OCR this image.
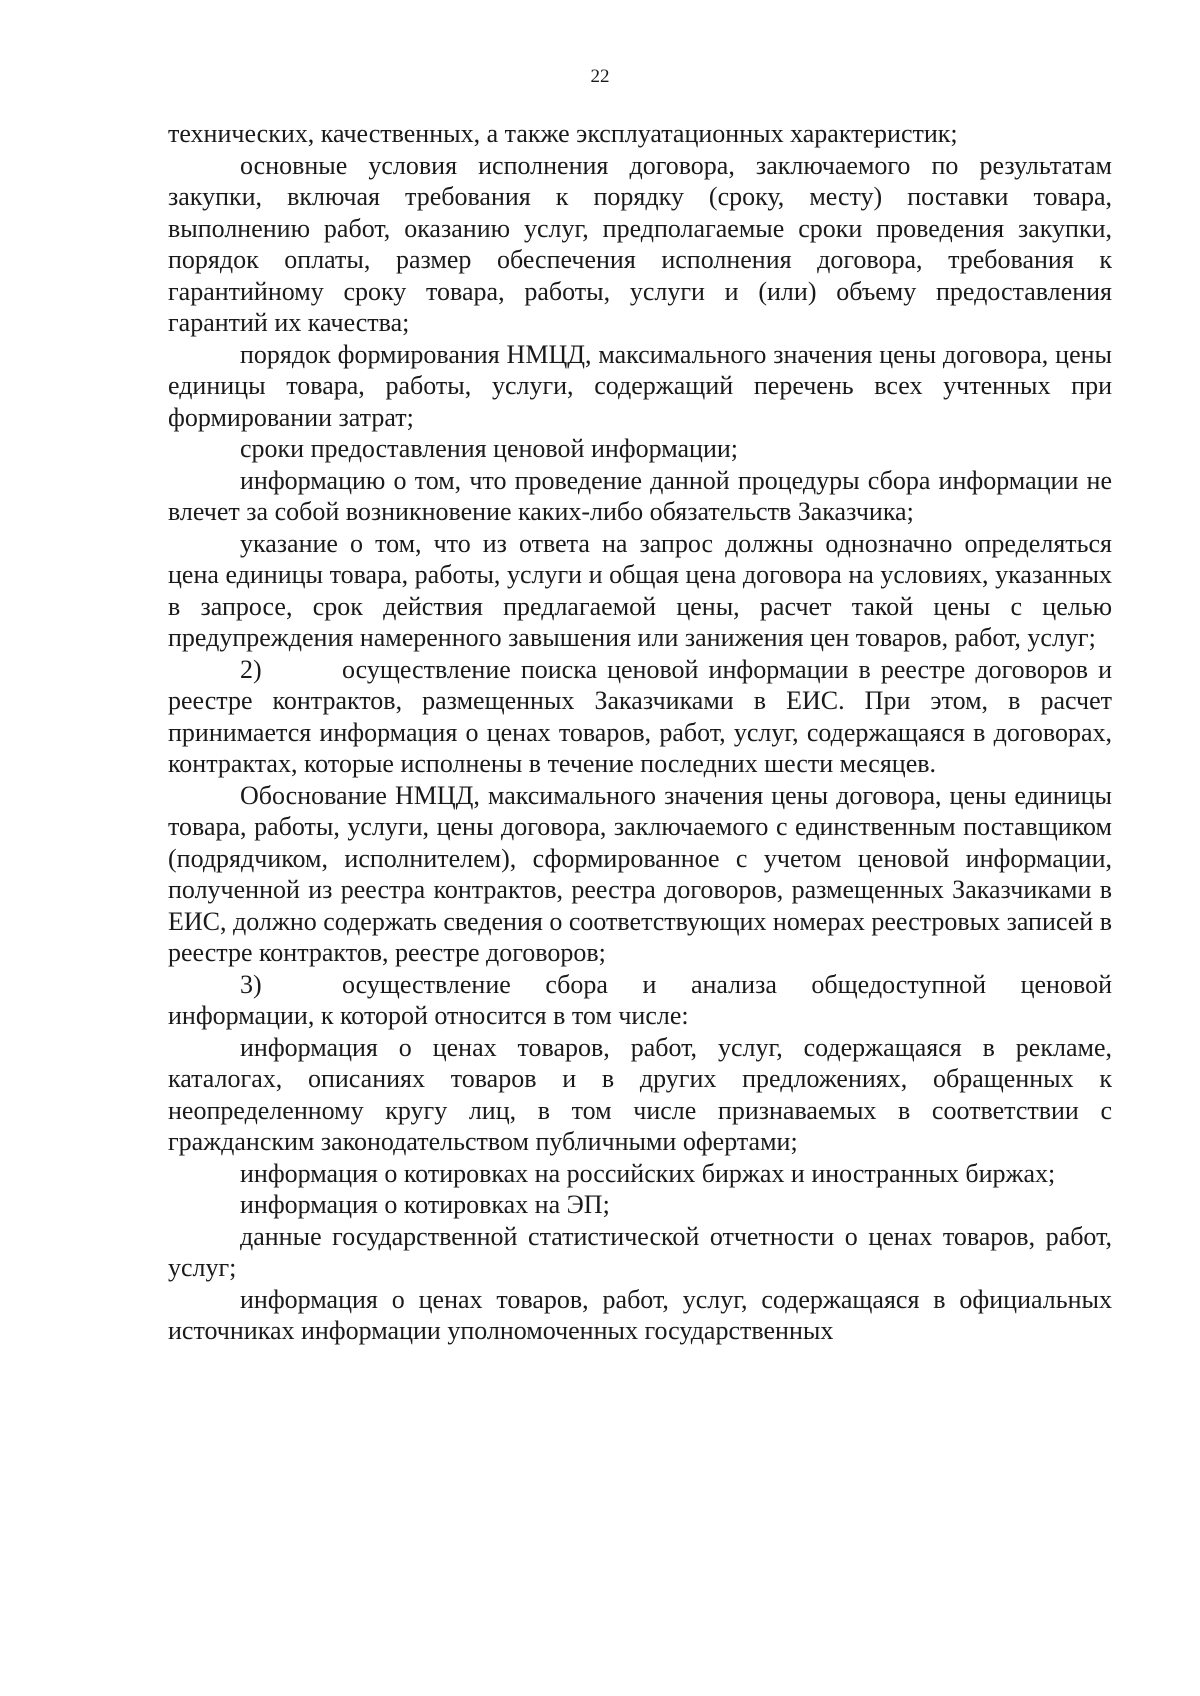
22

технических, качественных, а также эксплуатационных характеристик;

основные условия исполнения договора, заключаемого по результатам закупки, включая требования к порядку (сроку, месту) поставки товара, выполнению работ, оказанию услуг, предполагаемые сроки проведения закупки, порядок оплаты, размер обеспечения исполнения договора, требования к гарантийному сроку товара, работы, услуги и (или) объему предоставления гарантий их качества;

порядок формирования НМЦД, максимального значения цены договора, цены единицы товара, работы, услуги, содержащий перечень всех учтенных при формировании затрат;

сроки предоставления ценовой информации;

информацию о том, что проведение данной процедуры сбора информации не влечет за собой возникновение каких-либо обязательств Заказчика;

указание о том, что из ответа на запрос должны однозначно определяться цена единицы товара, работы, услуги и общая цена договора на условиях, указанных в запросе, срок действия предлагаемой цены, расчет такой цены с целью предупреждения намеренного завышения или занижения цен товаров, работ, услуг;

2)	осуществление поиска ценовой информации в реестре договоров и реестре контрактов, размещенных Заказчиками в ЕИС. При этом, в расчет принимается информация о ценах товаров, работ, услуг, содержащаяся в договорах, контрактах, которые исполнены в течение последних шести месяцев.

Обоснование НМЦД, максимального значения цены договора, цены единицы товара, работы, услуги, цены договора, заключаемого с единственным поставщиком (подрядчиком, исполнителем), сформированное с учетом ценовой информации, полученной из реестра контрактов, реестра договоров, размещенных Заказчиками в ЕИС, должно содержать сведения о соответствующих номерах реестровых записей в реестре контрактов, реестре договоров;

3)	осуществление сбора и анализа общедоступной ценовой информации, к которой относится в том числе:

информация о ценах товаров, работ, услуг, содержащаяся в рекламе, каталогах, описаниях товаров и в других предложениях, обращенных к неопределенному кругу лиц, в том числе признаваемых в соответствии с гражданским законодательством публичными офертами;

информация о котировках на российских биржах и иностранных биржах;

информация о котировках на ЭП;

данные государственной статистической отчетности о ценах товаров, работ, услуг;

информация о ценах товаров, работ, услуг, содержащаяся в официальных источниках информации уполномоченных государственных
